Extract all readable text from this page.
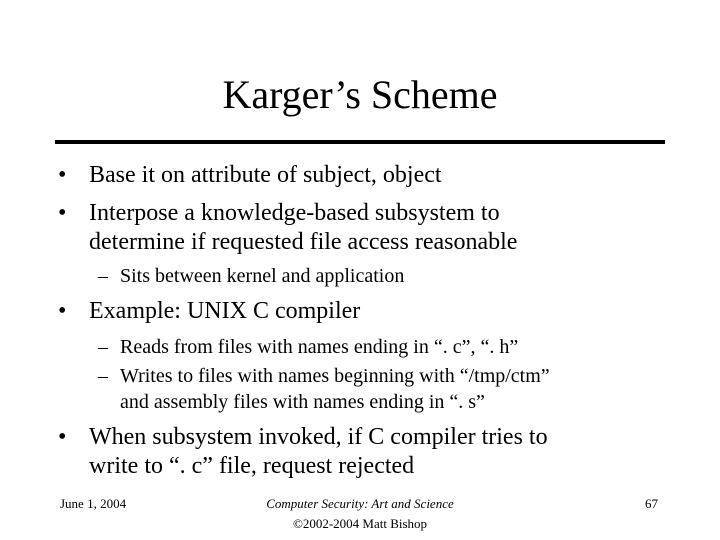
Karger’s Scheme
• Base it on attribute of subject, object
• Interpose a knowledge-based subsystem to
determine if requested file access reasonable
– Sits between kernel and application
• Example: UNIX C compiler
– Reads from files with names ending in “. c”, “. h”
– Writes to files with names beginning with “/tmp/ctm”
and assembly files with names ending in “. s”
• When subsystem invoked, if C compiler tries to
write to “. c” file, request rejected
June 1, 2004	Computer Security: Art and Science
©2002-2004 Matt Bishop
67
